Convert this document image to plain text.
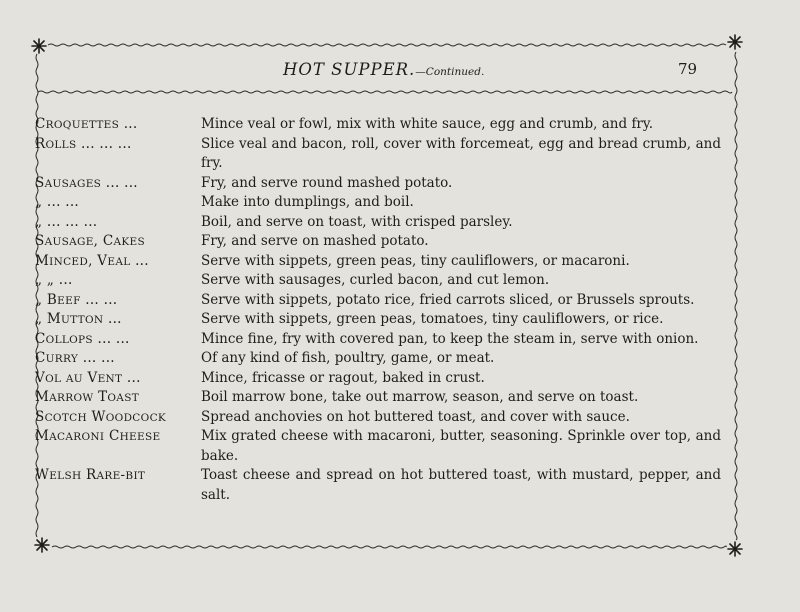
HOT SUPPER.—Continued.	79
CROQUETTES ...	Mince veal or fowl, mix with white sauce, egg and crumb, and fry.
ROLLS ... ... ...	Slice veal and bacon, roll, cover with forcemeat, egg and bread crumb, and fry.
SAUSAGES ... ...	Fry, and serve round mashed potato.
„ ... ...	Make into dumplings, and boil.
„ ... ... ...	Boil, and serve on toast, with crisped parsley.
SAUSAGE, CAKES	Fry, and serve on mashed potato.
MINCED, VEAL ...	Serve with sippets, green peas, tiny cauliflowers, or macaroni.
„ „ ...	Serve with sausages, curled bacon, and cut lemon.
„ BEEF ... ...	Serve with sippets, potato rice, fried carrots sliced, or Brussels sprouts.
„ MUTTON ...	Serve with sippets, green peas, tomatoes, tiny cauliflowers, or rice.
COLLOPS ... ...	Mince fine, fry with covered pan, to keep the steam in, serve with onion.
CURRY ... ...	Of any kind of fish, poultry, game, or meat.
VOL AU VENT ...	Mince, fricasse or ragout, baked in crust.
MARROW TOAST	Boil marrow bone, take out marrow, season, and serve on toast.
SCOTCH WOODCOCK	Spread anchovies on hot buttered toast, and cover with sauce.
MACARONI CHEESE	Mix grated cheese with macaroni, butter, seasoning. Sprinkle over top, and bake.
WELSH RARE-BIT	Toast cheese and spread on hot buttered toast, with mustard, pepper, and salt.
